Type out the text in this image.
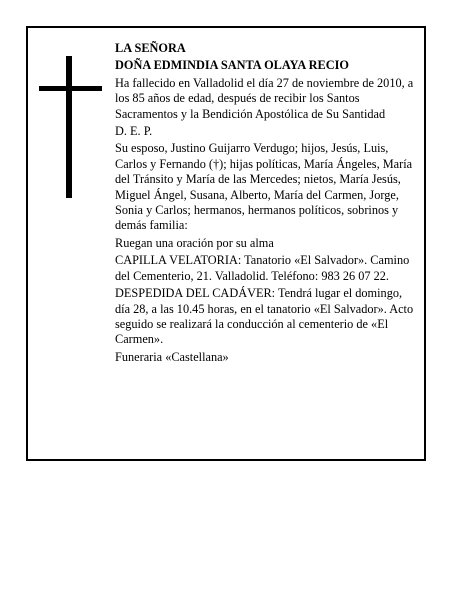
LA SEÑORA

DOÑA EDMINDIA SANTA OLAYA RECIO

Ha fallecido en Valladolid el día 27 de noviembre de 2010, a los 85 años de edad, después de recibir los Santos Sacramentos y la Bendición Apostólica de Su Santidad

D. E. P.

Su esposo, Justino Guijarro Verdugo; hijos, Jesús, Luis, Carlos y Fernando (†); hijas políticas, María Ángeles, María del Tránsito y María de las Mercedes; nietos, María Jesús, Miguel Ángel, Susana, Alberto, María del Carmen, Jorge, Sonia y Carlos; hermanos, hermanos políticos, sobrinos y demás familia:

Ruegan una oración por su alma

CAPILLA VELATORIA: Tanatorio «El Salvador». Camino del Cementerio, 21. Valladolid. Teléfono: 983 26 07 22.

DESPEDIDA DEL CADÁVER: Tendrá lugar el domingo, día 28, a las 10.45 horas, en el tanatorio «El Salvador». Acto seguido se realizará la conducción al cementerio de «El Carmen».

Funeraria «Castellana»
